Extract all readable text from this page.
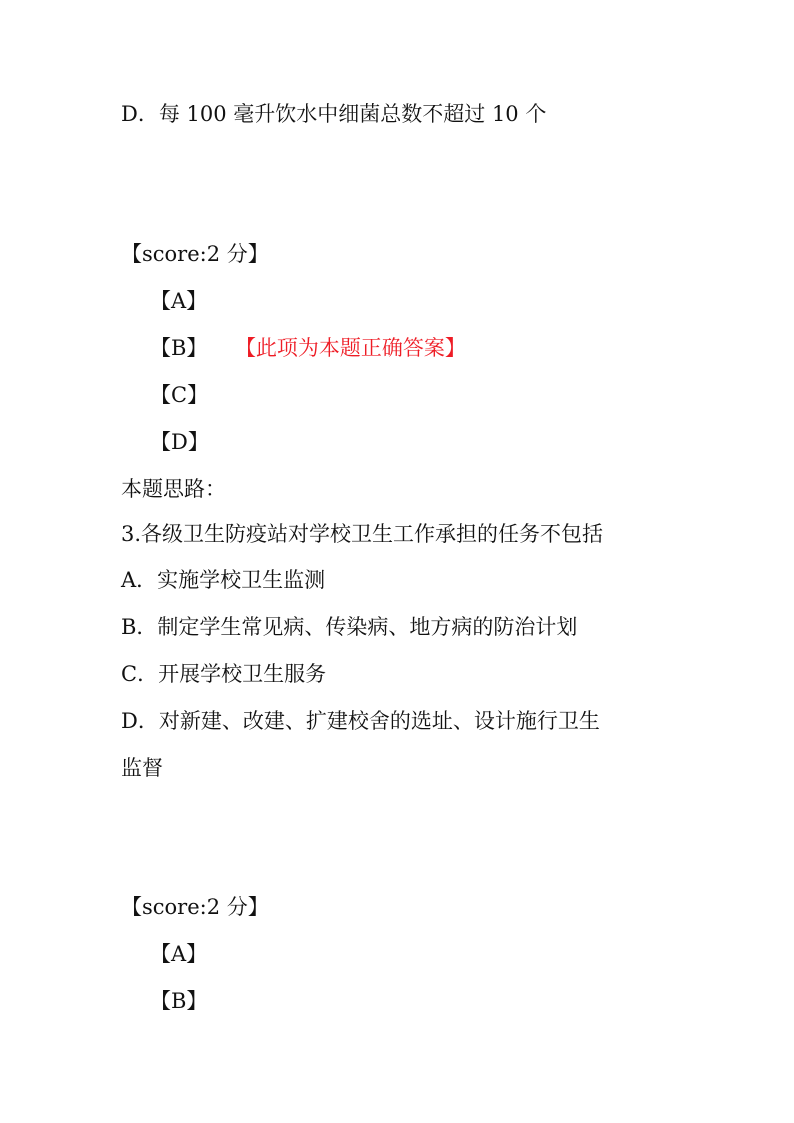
D．每 100 毫升饮水中细菌总数不超过 10 个
【score:2 分】
【A】
【B】 【此项为本题正确答案】
【C】
【D】
本题思路：
3.各级卫生防疫站对学校卫生工作承担的任务不包括
A．实施学校卫生监测
B．制定学生常见病、传染病、地方病的防治计划
C．开展学校卫生服务
D．对新建、改建、扩建校舍的选址、设计施行卫生
监督
【score:2 分】
【A】
【B】
